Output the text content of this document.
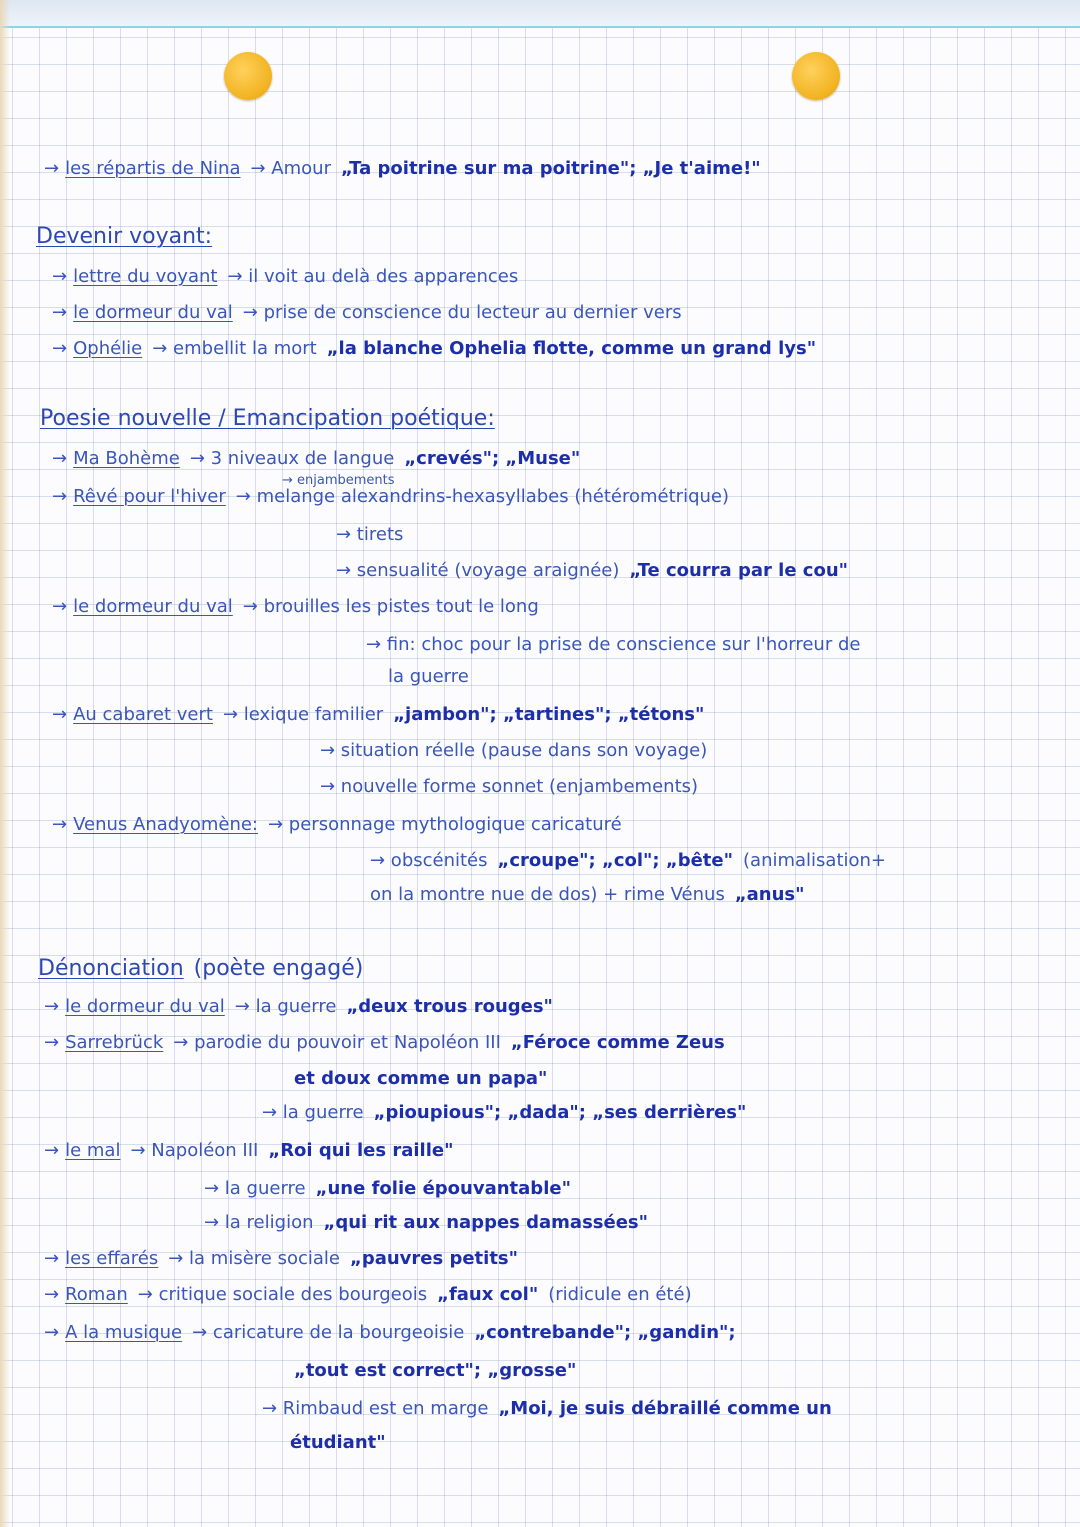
→ les répartis de Nina → Amour „Ta poitrine sur ma poitrine"; „Je t'aime!"
Devenir voyant:
→ lettre du voyant → il voit au delà des apparences
→ le dormeur du val → prise de conscience du lecteur au dernier vers
→ Ophélie → embellit la mort „la blanche Ophelia flotte, comme un grand lys"
Poesie nouvelle / Emancipation poétique:
→ Ma Bohème → 3 niveaux de langue „crevés"; „Muse"
→ enjambements
→ Rêvé pour l'hiver → melange alexandrins-hexasyllabes (hétérométrique)
→ tirets
→ sensualité (voyage araignée) „Te courra par le cou"
→ le dormeur du val → brouilles les pistes tout le long
→ fin: choc pour la prise de conscience sur l'horreur de
la guerre
→ Au cabaret vert → lexique familier „jambon"; „tartines"; „tétons"
→ situation réelle (pause dans son voyage)
→ nouvelle forme sonnet (enjambements)
→ Venus Anadyomène: → personnage mythologique caricaturé
→ obscénités „croupe"; „col"; „bête" (animalisation+
on la montre nue de dos) + rime Vénus „anus"
Dénonciation (poète engagé)
→ le dormeur du val → la guerre „deux trous rouges"
→ Sarrebrück → parodie du pouvoir et Napoléon III „Féroce comme Zeus
et doux comme un papa"
→ la guerre „pioupious"; „dada"; „ses derrières"
→ le mal → Napoléon III „Roi qui les raille"
→ la guerre „une folie épouvantable"
→ la religion „qui rit aux nappes damassées"
→ les effarés → la misère sociale „pauvres petits"
→ Roman → critique sociale des bourgeois „faux col" (ridicule en été)
→ A la musique → caricature de la bourgeoisie „contrebande"; „gandin";
„tout est correct"; „grosse"
→ Rimbaud est en marge „Moi, je suis débraillé comme un
étudiant"
